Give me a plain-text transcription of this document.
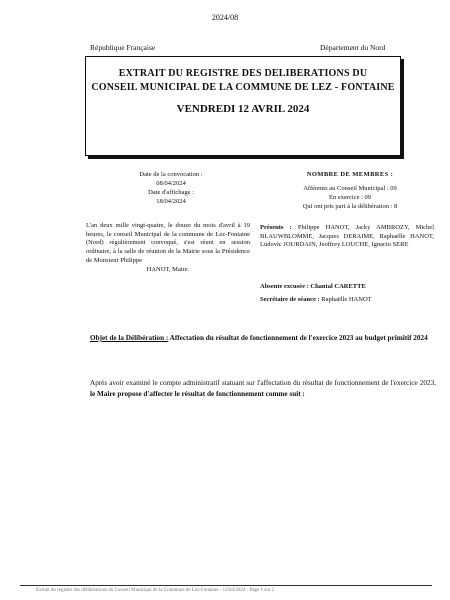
2024/08
République Française	Département du Nord
EXTRAIT DU REGISTRE DES DELIBERATIONS DU
CONSEIL MUNICIPAL DE LA COMMUNE DE LEZ - FONTAINE
VENDREDI 12 AVRIL 2024
Date de la convocation :
08/04/2024
Date d'affichage :
18/04/2024
NOMBRE DE MEMBRES :
Afférents au Conseil Municipal : 09
En exercice : 09
Qui ont pris part à la délibération : 8
L'an deux mille vingt-quatre, le douze du mois d'avril à 19 heures, le conseil Municipal de la commune de Lez-Fontaine (Nord) régulièrement convoqué, s'est réuni en session ordinaire, à la salle de réunion de la Mairie sous la Présidence de Monsieur Philippe
HANOT, Maire.
Présents : Philippe HANOT, Jacky AMBROZY, Michel BLAUWBLOMME, Jacques DERAIME, Raphaëlle HANOT, Ludovic JOURDAIN, Jeoffrey LOUCHE, Ignacio SERE
Absente excusée : Chantal CARETTE
Secrétaire de séance : Raphaëlle HANOT
Objet de la Délibération : Affectation du résultat de fonctionnement de l'exercice 2023 au budget primitif 2024
Après avoir examiné le compte administratif statuant sur l'affectation du résultat de fonctionnement de l'exercice 2023, le Maire propose d'affecter le résultat de fonctionnement comme suit :
Extrait du registre des délibérations du Conseil Municipal de la Commune de Lez-Fontaine - 12/04/2024 - Page 1 sur 2
